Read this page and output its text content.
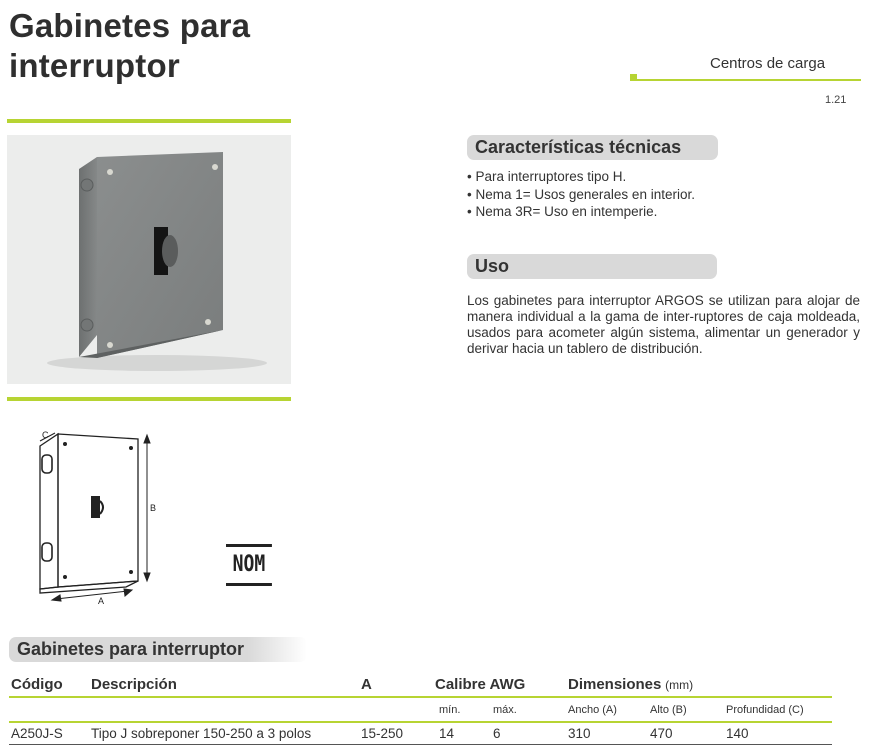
Gabinetes para
interruptor	Centros de carga
1.21
C
B
A
NOM
Características técnicas
• Para interruptores tipo H.
• Nema 1= Usos generales en interior.
• Nema 3R= Uso en intemperie.
Uso
Los gabinetes para interruptor ARGOS se utilizan para alojar de manera individual a la gama de inter-ruptores de caja moldeada, usados para acometer algún sistema, alimentar un generador y derivar hacia un tablero de distribución.
Gabinetes para interruptor
Código	Descripción	A	Calibre AWG		Dimensiones (mm)		
			mín.	máx.	Ancho (A)	Alto (B)	Profundidad (C)
A250J-S	Tipo J sobreponer 150-250 a 3 polos	15-250	14	6	310	470	140
